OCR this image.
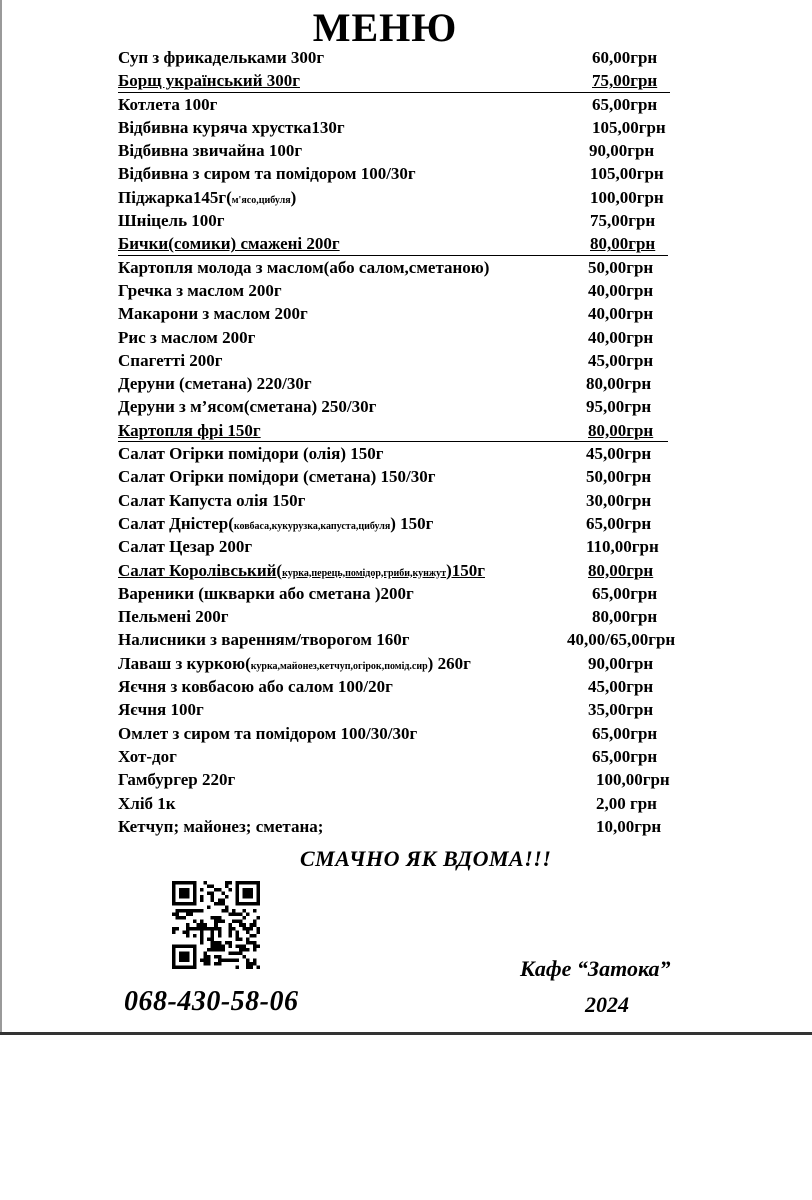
МЕНЮ
Суп з фрикадельками 300г	60,00грн
Борщ український 300г	75,00грн
Котлета 100г	65,00грн
Відбивна куряча хрустка130г	105,00грн
Відбивна звичайна 100г	90,00грн
Відбивна з сиром та помідором 100/30г	105,00грн
Піджарка145г(м'ясо,цибуля)	100,00грн
Шніцель 100г	75,00грн
Бички(сомики) смажені 200г	80,00грн
Картопля молода з маслом(або салом,сметаною)	50,00грн
Гречка з маслом 200г	40,00грн
Макарони з маслом 200г	40,00грн
Рис з маслом 200г	40,00грн
Спагетті 200г	45,00грн
Деруни (сметана) 220/30г	80,00грн
Деруни з м’ясом(сметана) 250/30г	95,00грн
Картопля фрі 150г	80,00грн
Салат Огірки помідори (олія) 150г	45,00грн
Салат Огірки помідори (сметана) 150/30г	50,00грн
Салат Капуста олія 150г	30,00грн
Салат Дністер(ковбаса,кукурузка,капуста,цибуля) 150г	65,00грн
Салат Цезар 200г	110,00грн
Салат Королівський(курка,перець,помідор,гриби,кунжут)150г	80,00грн
Вареники (шкварки або сметана )200г	65,00грн
Пельмені 200г	80,00грн
Налисники з варенням/творогом 160г	40,00/65,00грн
Лаваш з куркою(курка,майонез,кетчуп,огірок,помід.сир) 260г	90,00грн
Яєчня з ковбасою або салом 100/20г	45,00грн
Яєчня 100г	35,00грн
Омлет з сиром та помідором 100/30/30г	65,00грн
Хот-дог	65,00грн
Гамбургер 220г	100,00грн
Хліб 1к	2,00 грн
Кетчуп; майонез; сметана;	10,00грн
СМАЧНО ЯК ВДОМА!!!
Кафе “Затока”
2024
068-430-58-06
